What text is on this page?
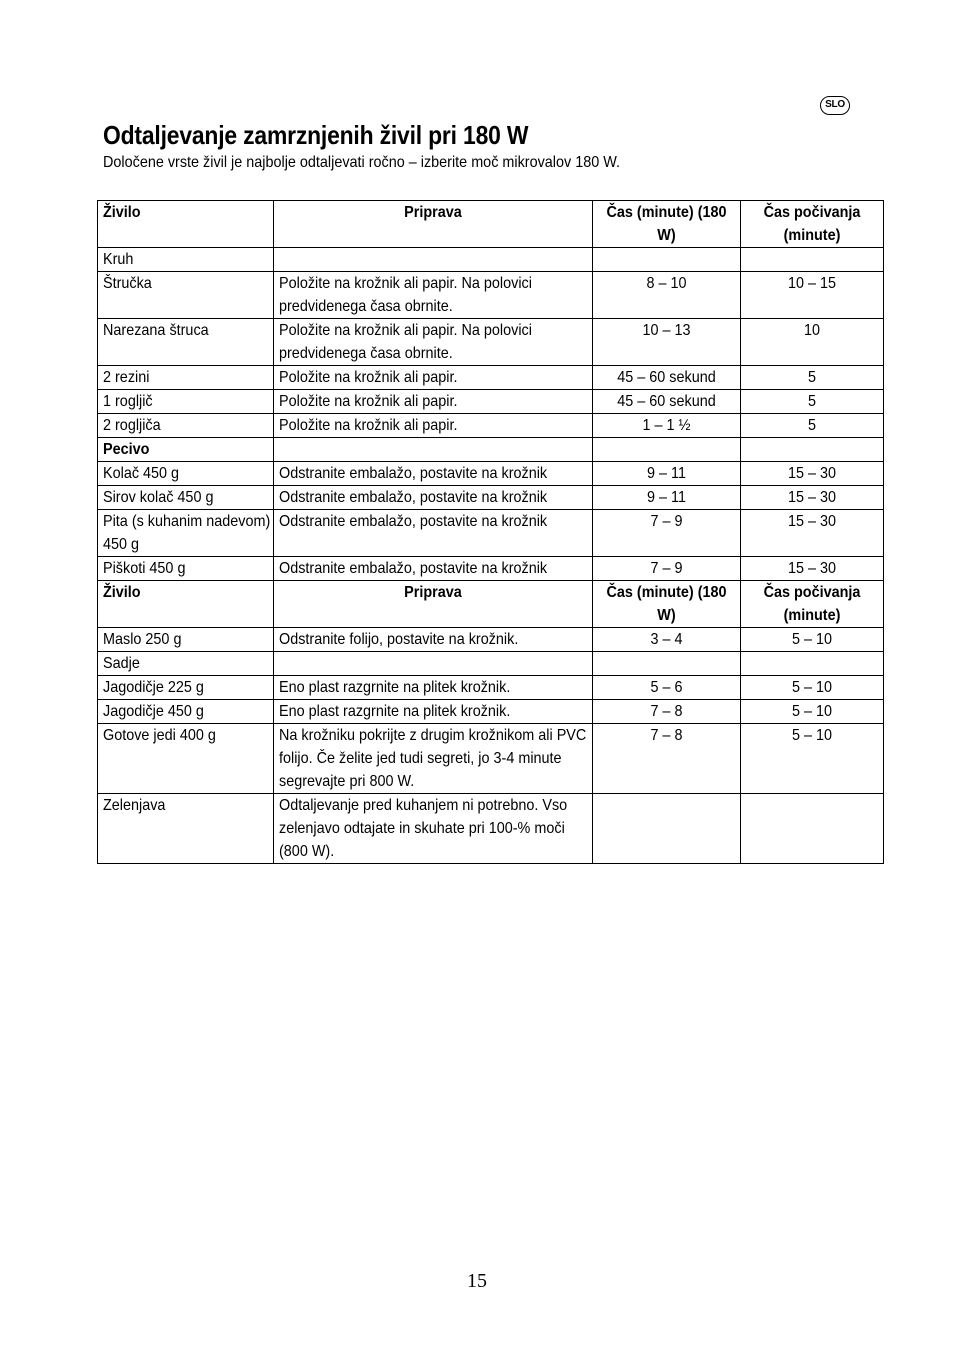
SLO
Odtaljevanje zamrznjenih živil pri 180 W

Določene vrste živil je najbolje odtaljevati ročno – izberite moč mikrovalov 180 W.

Živilo	Priprava	Čas (minute) (180 W)	Čas počivanja (minute)

Kruh			

Štručka	Položite na krožnik ali papir. Na polovici predvidenega časa obrnite.	8 – 10	10 – 15

Narezana štruca	Položite na krožnik ali papir. Na polovici predvidenega časa obrnite.	10 – 13	10

2 rezini	Položite na krožnik ali papir.	45 – 60 sekund	5

1 rogljič	Položite na krožnik ali papir.	45 – 60 sekund	5

2 rogljiča	Položite na krožnik ali papir.	1 – 1 ½	5

Pecivo			

Kolač 450 g	Odstranite embalažo, postavite na krožnik	9 – 11	15 – 30

Sirov kolač 450 g	Odstranite embalažo, postavite na krožnik	9 – 11	15 – 30

Pita (s kuhanim nadevom) 450 g	Odstranite embalažo, postavite na krožnik	7 – 9	15 – 30

Piškoti 450 g	Odstranite embalažo, postavite na krožnik	7 – 9	15 – 30

Živilo	Priprava	Čas (minute) (180 W)	Čas počivanja (minute)

Maslo 250 g	Odstranite folijo, postavite na krožnik.	3 – 4	5 – 10

Sadje			

Jagodičje 225 g	Eno plast razgrnite na plitek krožnik.	5 – 6	5 – 10

Jagodičje 450 g	Eno plast razgrnite na plitek krožnik.	7 – 8	5 – 10

Gotove jedi 400 g	Na krožniku pokrijte z drugim krožnikom ali PVC folijo. Če želite jed tudi segreti, jo 3-4 minute segrevajte pri 800 W.	7 – 8	5 – 10

Zelenjava	Odtaljevanje pred kuhanjem ni potrebno. Vso zelenjavo odtajate in skuhate pri 100-% moči (800 W).		

15
